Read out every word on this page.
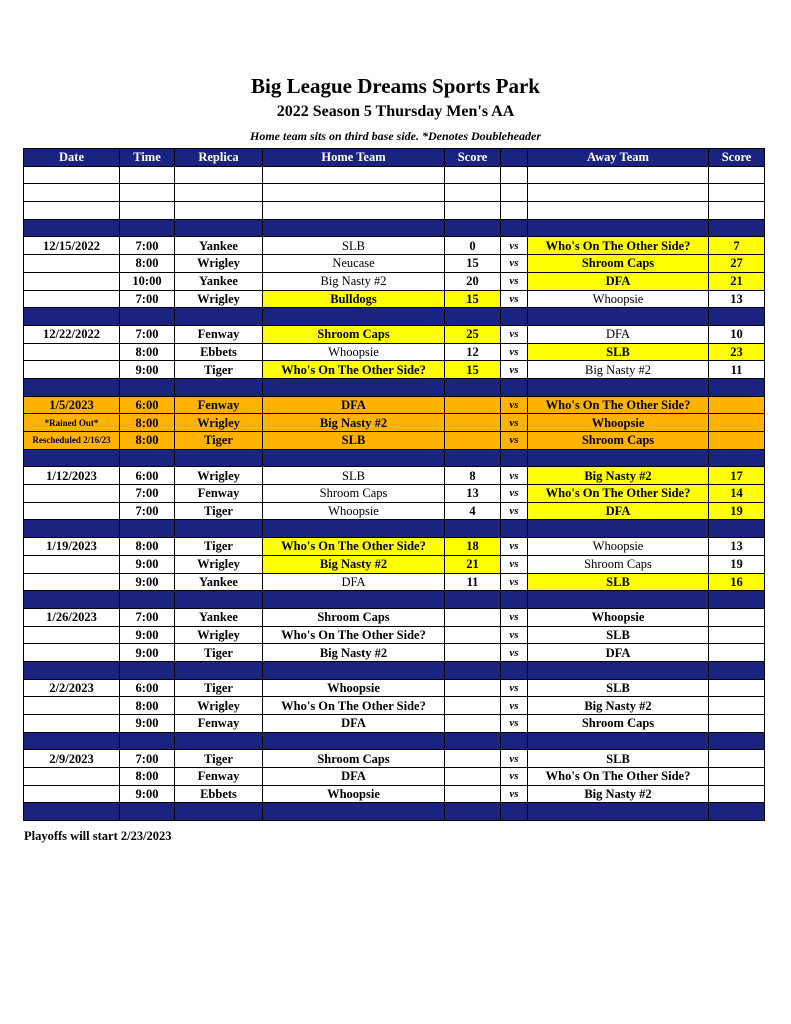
Big League Dreams Sports Park
2022 Season 5 Thursday Men's AA
Home team sits on third base side. *Denotes Doubleheader
Date	Time	Replica	Home Team	Score		Away Team	Score

12/15/2022	7:00	Yankee	SLB	0	vs	Who's On The Other Side?	7
	8:00	Wrigley	Neucase	15	vs	Shroom Caps	27
	10:00	Yankee	Big Nasty #2	20	vs	DFA	21
	7:00	Wrigley	Bulldogs	15	vs	Whoopsie	13

12/22/2022	7:00	Fenway	Shroom Caps	25	vs	DFA	10
	8:00	Ebbets	Whoopsie	12	vs	SLB	23
	9:00	Tiger	Who's On The Other Side?	15	vs	Big Nasty #2	11

1/5/2023	6:00	Fenway	DFA		vs	Who's On The Other Side?	
*Rained Out*	8:00	Wrigley	Big Nasty #2		vs	Whoopsie	
Rescheduled 2/16/23	8:00	Tiger	SLB		vs	Shroom Caps	

1/12/2023	6:00	Wrigley	SLB	8	vs	Big Nasty #2	17
	7:00	Fenway	Shroom Caps	13	vs	Who's On The Other Side?	14
	7:00	Tiger	Whoopsie	4	vs	DFA	19

1/19/2023	8:00	Tiger	Who's On The Other Side?	18	vs	Whoopsie	13
	9:00	Wrigley	Big Nasty #2	21	vs	Shroom Caps	19
	9:00	Yankee	DFA	11	vs	SLB	16

1/26/2023	7:00	Yankee	Shroom Caps		vs	Whoopsie	
	9:00	Wrigley	Who's On The Other Side?		vs	SLB	
	9:00	Tiger	Big Nasty #2		vs	DFA	

2/2/2023	6:00	Tiger	Whoopsie		vs	SLB	
	8:00	Wrigley	Who's On The Other Side?		vs	Big Nasty #2	
	9:00	Fenway	DFA		vs	Shroom Caps	

2/9/2023	7:00	Tiger	Shroom Caps		vs	SLB	
	8:00	Fenway	DFA		vs	Who's On The Other Side?	
	9:00	Ebbets	Whoopsie		vs	Big Nasty #2	

Playoffs will start 2/23/2023
